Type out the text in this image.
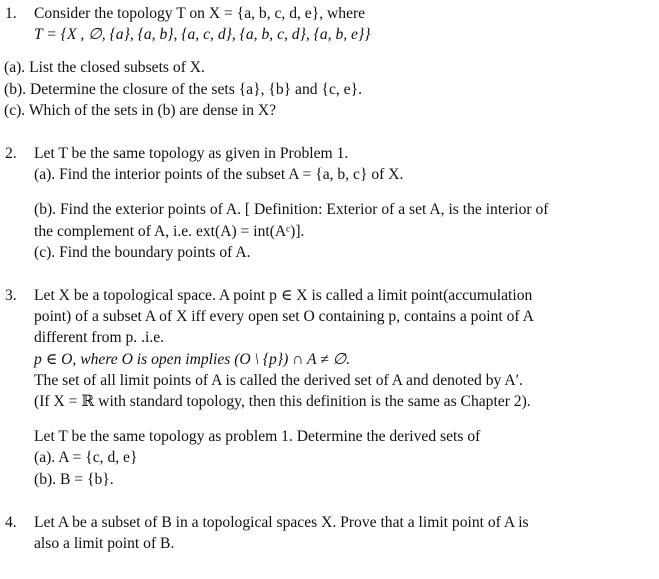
1. Consider the topology T on X = {a, b, c, d, e}, where
T = {X , ∅, {a}, {a, b}, {a, c, d}, {a, b, c, d}, {a, b, e}}
(a). List the closed subsets of X.
(b). Determine the closure of the sets {a}, {b} and {c, e}.
(c). Which of the sets in (b) are dense in X?
2. Let T be the same topology as given in Problem 1.
(a). Find the interior points of the subset A = {a, b, c} of X.
(b). Find the exterior points of A. [ Definition: Exterior of a set A, is the interior of
the complement of A, i.e. ext(A) = int(Aᶜ)].
(c). Find the boundary points of A.
3. Let X be a topological space. A point p ∈ X is called a limit point(accumulation
point) of a subset A of X iff every open set O containing p, contains a point of A
different from p. .i.e.
p ∈ O, where O is open implies (O \ {p}) ∩ A ≠ ∅.
The set of all limit points of A is called the derived set of A and denoted by A′.
(If X = ℝ with standard topology, then this definition is the same as Chapter 2).
Let T be the same topology as problem 1. Determine the derived sets of
(a). A = {c, d, e}
(b). B = {b}.
4. Let A be a subset of B in a topological spaces X. Prove that a limit point of A is
also a limit point of B.
